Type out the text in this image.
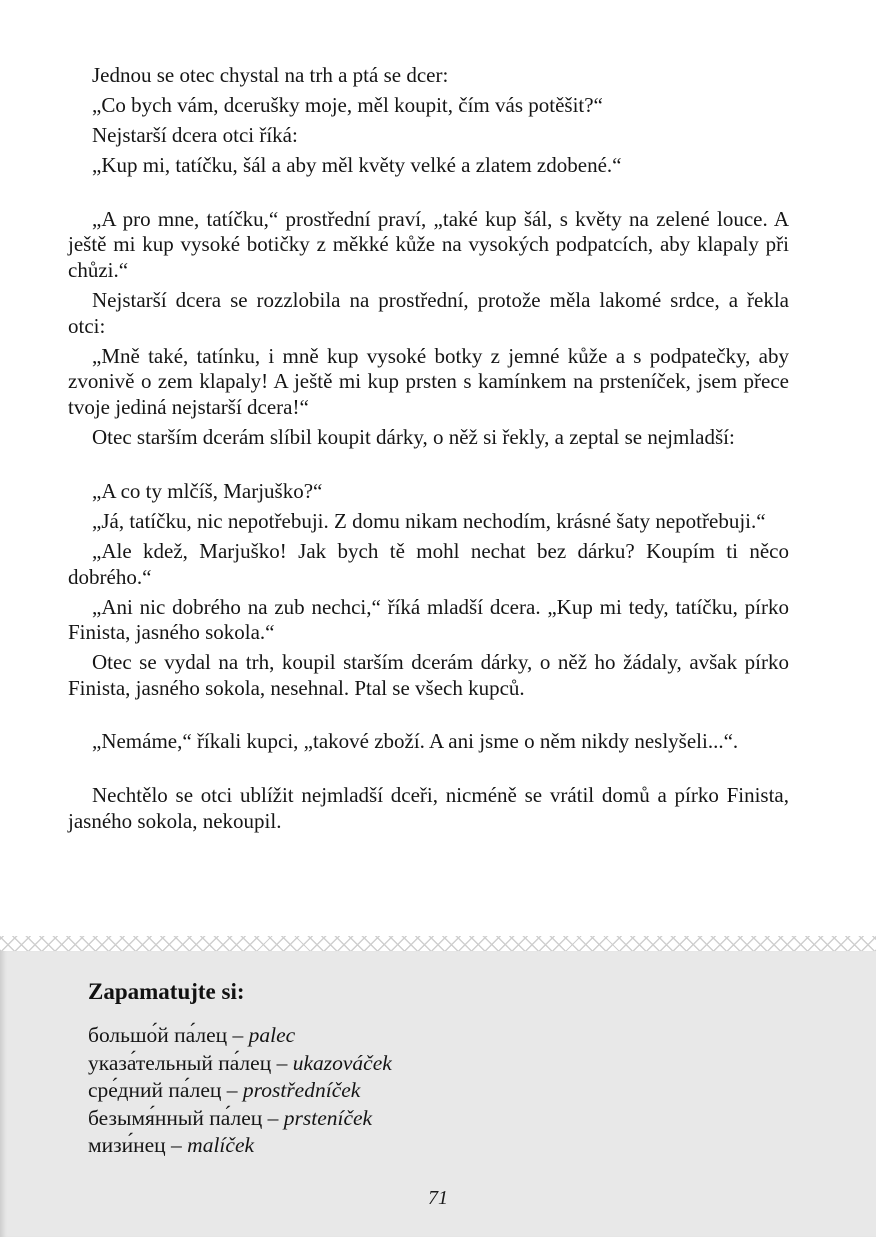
Jednou se otec chystal na trh a ptá se dcer:

„Co bych vám, dcerušky moje, měl koupit, čím vás potěšit?“

Nejstarší dcera otci říká:

„Kup mi, tatíčku, šál a aby měl květy velké a zlatem zdobené.“

„A pro mne, tatíčku,“ prostřední praví, „také kup šál, s květy na zelené louce. A ještě mi kup vysoké botičky z měkké kůže na vysokých podpatcích, aby klapaly při chůzi.“

Nejstarší dcera se rozzlobila na prostřední, protože měla lakomé srdce, a řekla otci:

„Mně také, tatínku, i mně kup vysoké botky z jemné kůže a s podpatečky, aby zvonivě o zem klapaly! A ještě mi kup prsten s kamínkem na prsteníček, jsem přece tvoje jediná nejstarší dcera!“

Otec starším dcerám slíbil koupit dárky, o něž si řekly, a zeptal se nejmladší:

„A co ty mlčíš, Marjuško?“

„Já, tatíčku, nic nepotřebuji. Z domu nikam nechodím, krásné šaty nepotřebuji.“

„Ale kdež, Marjuško! Jak bych tě mohl nechat bez dárku? Koupím ti něco dobrého.“

„Ani nic dobrého na zub nechci,“ říká mladší dcera. „Kup mi tedy, tatíčku, pírko Finista, jasného sokola.“

Otec se vydal na trh, koupil starším dcerám dárky, o něž ho žádaly, avšak pírko Finista, jasného sokola, nesehnal. Ptal se všech kupců.

„Nemáme,“ říkali kupci, „takové zboží. A ani jsme o něm nikdy neslyšeli...“.

Nechtělo se otci ublížit nejmladší dceři, nicméně se vrátil domů a pírko Finista, jasného sokola, nekoupil.

Zapamatujte si:
большо́й па́лец – palec
указа́тельный па́лец – ukazováček
сре́дний па́лец – prostředníček
безымя́нный па́лец – prsteníček
мизи́нец – malíček
71
